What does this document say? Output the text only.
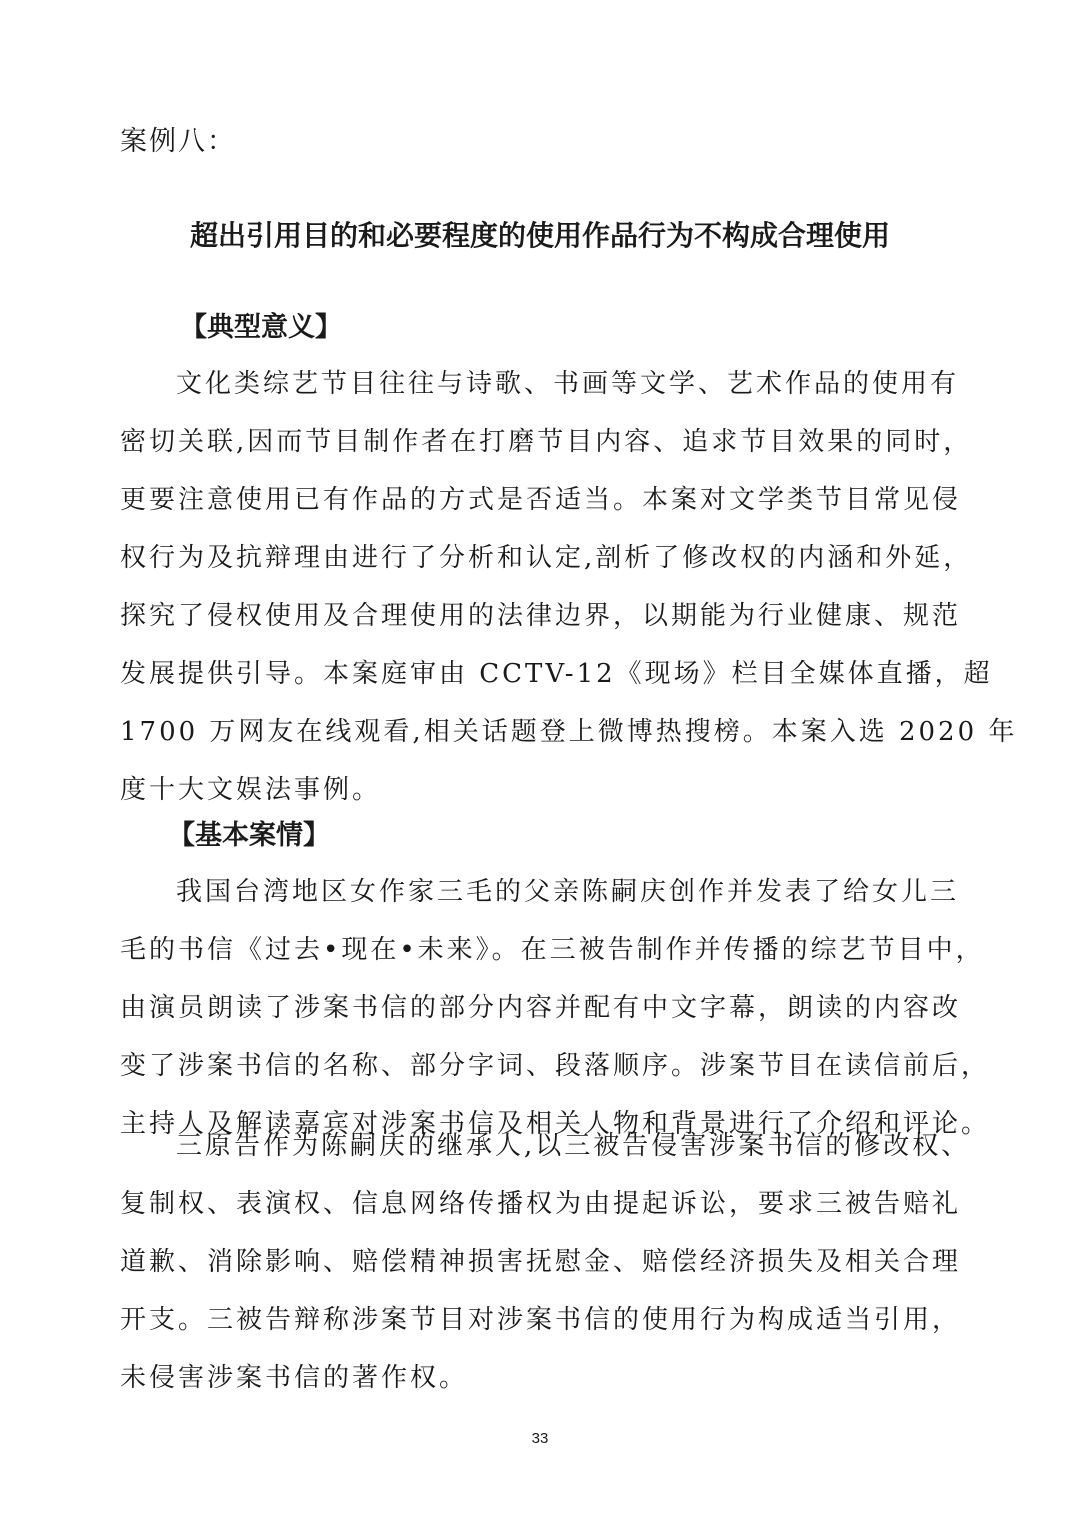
案例八：
超出引用目的和必要程度的使用作品行为不构成合理使用
【典型意义】
文化类综艺节目往往与诗歌、书画等文学、艺术作品的使用有
密切关联,因而节目制作者在打磨节目内容、追求节目效果的同时，
更要注意使用已有作品的方式是否适当。本案对文学类节目常见侵
权行为及抗辩理由进行了分析和认定,剖析了修改权的内涵和外延，
探究了侵权使用及合理使用的法律边界，以期能为行业健康、规范
发展提供引导。本案庭审由 CCTV-12《现场》栏目全媒体直播，超
1700 万网友在线观看,相关话题登上微博热搜榜。本案入选 2020 年
度十大文娱法事例。
【基本案情】
我国台湾地区女作家三毛的父亲陈嗣庆创作并发表了给女儿三
毛的书信《过去•现在•未来》。在三被告制作并传播的综艺节目中，
由演员朗读了涉案书信的部分内容并配有中文字幕，朗读的内容改
变了涉案书信的名称、部分字词、段落顺序。涉案节目在读信前后，
主持人及解读嘉宾对涉案书信及相关人物和背景进行了介绍和评论。
三原告作为陈嗣庆的继承人,以三被告侵害涉案书信的修改权、
复制权、表演权、信息网络传播权为由提起诉讼，要求三被告赔礼
道歉、消除影响、赔偿精神损害抚慰金、赔偿经济损失及相关合理
开支。三被告辩称涉案节目对涉案书信的使用行为构成适当引用，
未侵害涉案书信的著作权。
33
